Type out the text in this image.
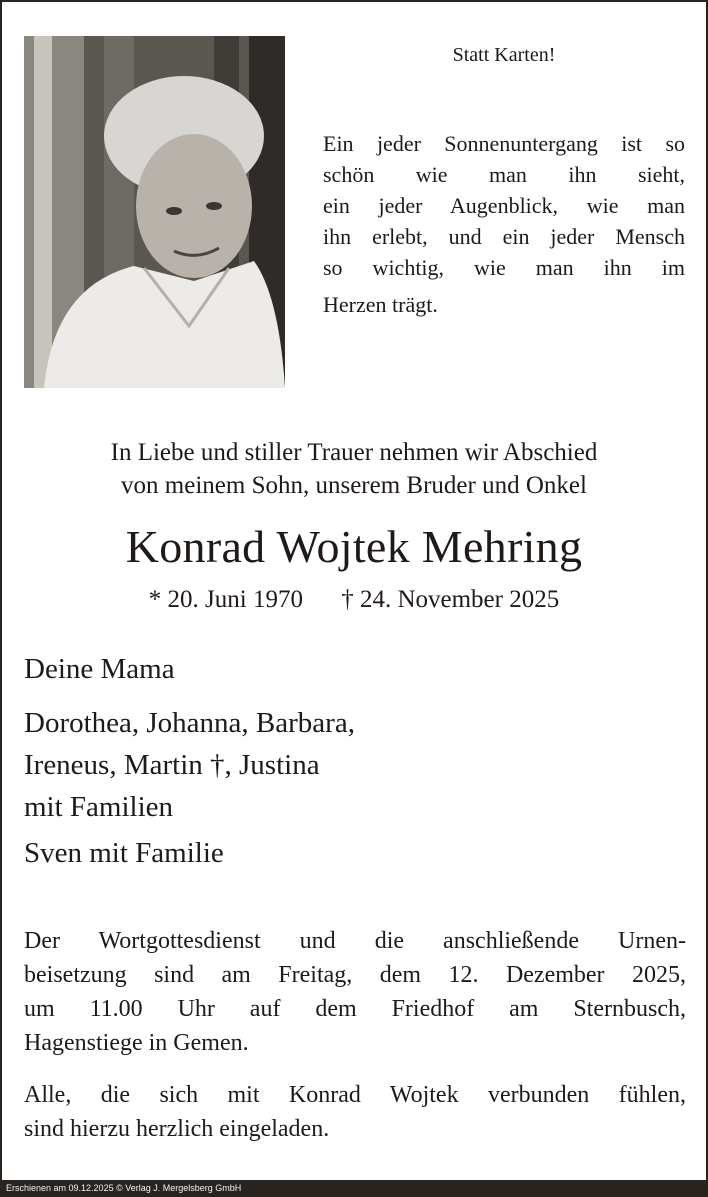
Statt Karten!
Ein jeder Sonnenuntergang ist so
schön wie man ihn sieht,
ein jeder Augenblick, wie man
ihn erlebt, und ein jeder Mensch
so wichtig, wie man ihn im
Herzen trägt.
In Liebe und stiller Trauer nehmen wir Abschied
von meinem Sohn, unserem Bruder und Onkel
Konrad Wojtek Mehring
* 20. Juni 1970 † 24. November 2025
Deine Mama
Dorothea, Johanna, Barbara,
Ireneus, Martin †, Justina
mit Familien
Sven mit Familie
Der Wortgottesdienst und die anschließende Urnen-
beisetzung sind am Freitag, dem 12. Dezember 2025,
um 11.00 Uhr auf dem Friedhof am Sternbusch,
Hagenstiege in Gemen.
Alle, die sich mit Konrad Wojtek verbunden fühlen,
sind hierzu herzlich eingeladen.
Erschienen am 09.12.2025 © Verlag J. Mergelsberg GmbH
